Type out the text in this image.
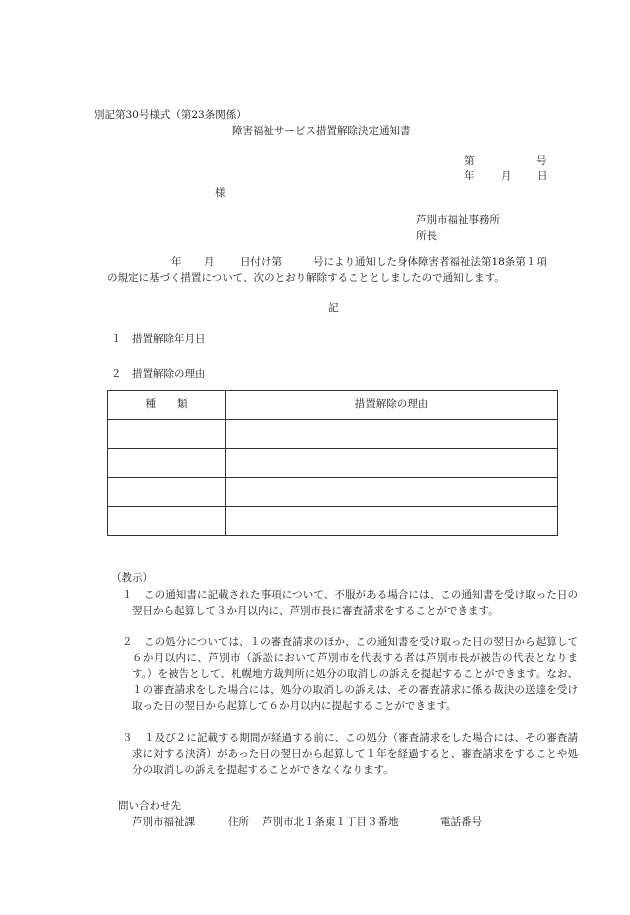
別記第30号様式（第23条関係）
障害福祉サービス措置解除決定通知書
第	号
年	月 日
様
芦別市福祉事務所
所長
年 月 日付け第	号により通知した身体障害者福祉法第18条第１項
の規定に基づく措置について、次のとおり解除することとしましたので通知します。
記
１　措置解除年月日
２　措置解除の理由
種　　類	措置解除の理由

（教示）
１	この通知書に記載された事項について、不服がある場合には、この通知書を受け取った日の翌日から起算して３か月以内に、芦別市長に審査請求をすることができます。
２	この処分については、１の審査請求のほか、この通知書を受け取った日の翌日から起算して６か月以内に、芦別市（訴訟において芦別市を代表する者は芦別市長が被告の代表となります。）を被告として、札幌地方裁判所に処分の取消しの訴えを提起することができます。なお、１の審査請求をした場合には、処分の取消しの訴えは、その審査請求に係る裁決の送達を受け取った日の翌日から起算して６か月以内に提起することができます。
３	１及び２に記載する期間が経過する前に、この処分（審査請求をした場合には、その審査請求に対する決済）があった日の翌日から起算して１年を経過すると、審査請求をすることや処分の取消しの訴えを提起することができなくなります。
問い合わせ先
芦別市福祉課	住所 芦別市北１条東１丁目３番地	電話番号
